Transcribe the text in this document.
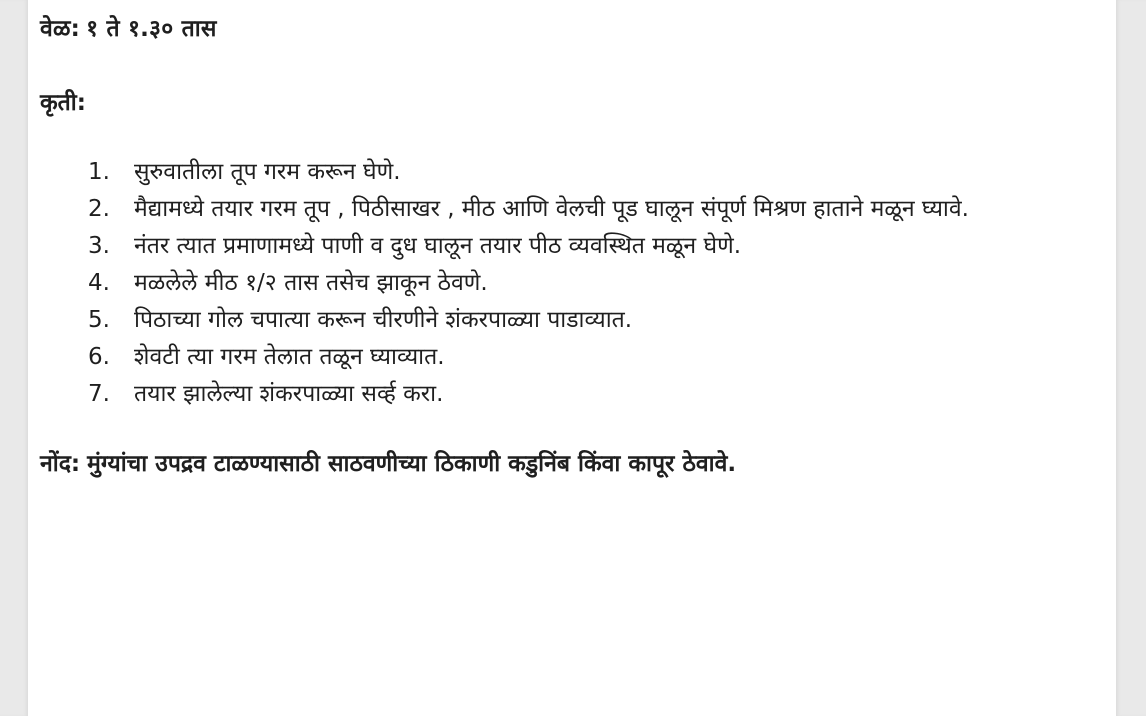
वेळ: १ ते १.३० तास
कृती:
1.	सुरुवातीला तूप गरम करून घेणे.
2.	मैद्यामध्ये तयार गरम तूप , पिठीसाखर , मीठ आणि वेलची पूड घालून संपूर्ण मिश्रण हाताने मळून घ्यावे.
3.	नंतर त्यात प्रमाणामध्ये पाणी व दुध घालून तयार पीठ व्यवस्थित मळून घेणे.
4.	मळलेले मीठ १/२ तास तसेच झाकून ठेवणे.
5.	पिठाच्या गोल चपात्या करून चीरणीने शंकरपाळ्या पाडाव्यात.
6.	शेवटी त्या गरम तेलात तळून घ्याव्यात.
7.	तयार झालेल्या शंकरपाळ्या सर्व्ह करा.

नोंद: मुंग्यांचा उपद्रव टाळण्यासाठी साठवणीच्या ठिकाणी कडुनिंब किंवा कापूर ठेवावे.
